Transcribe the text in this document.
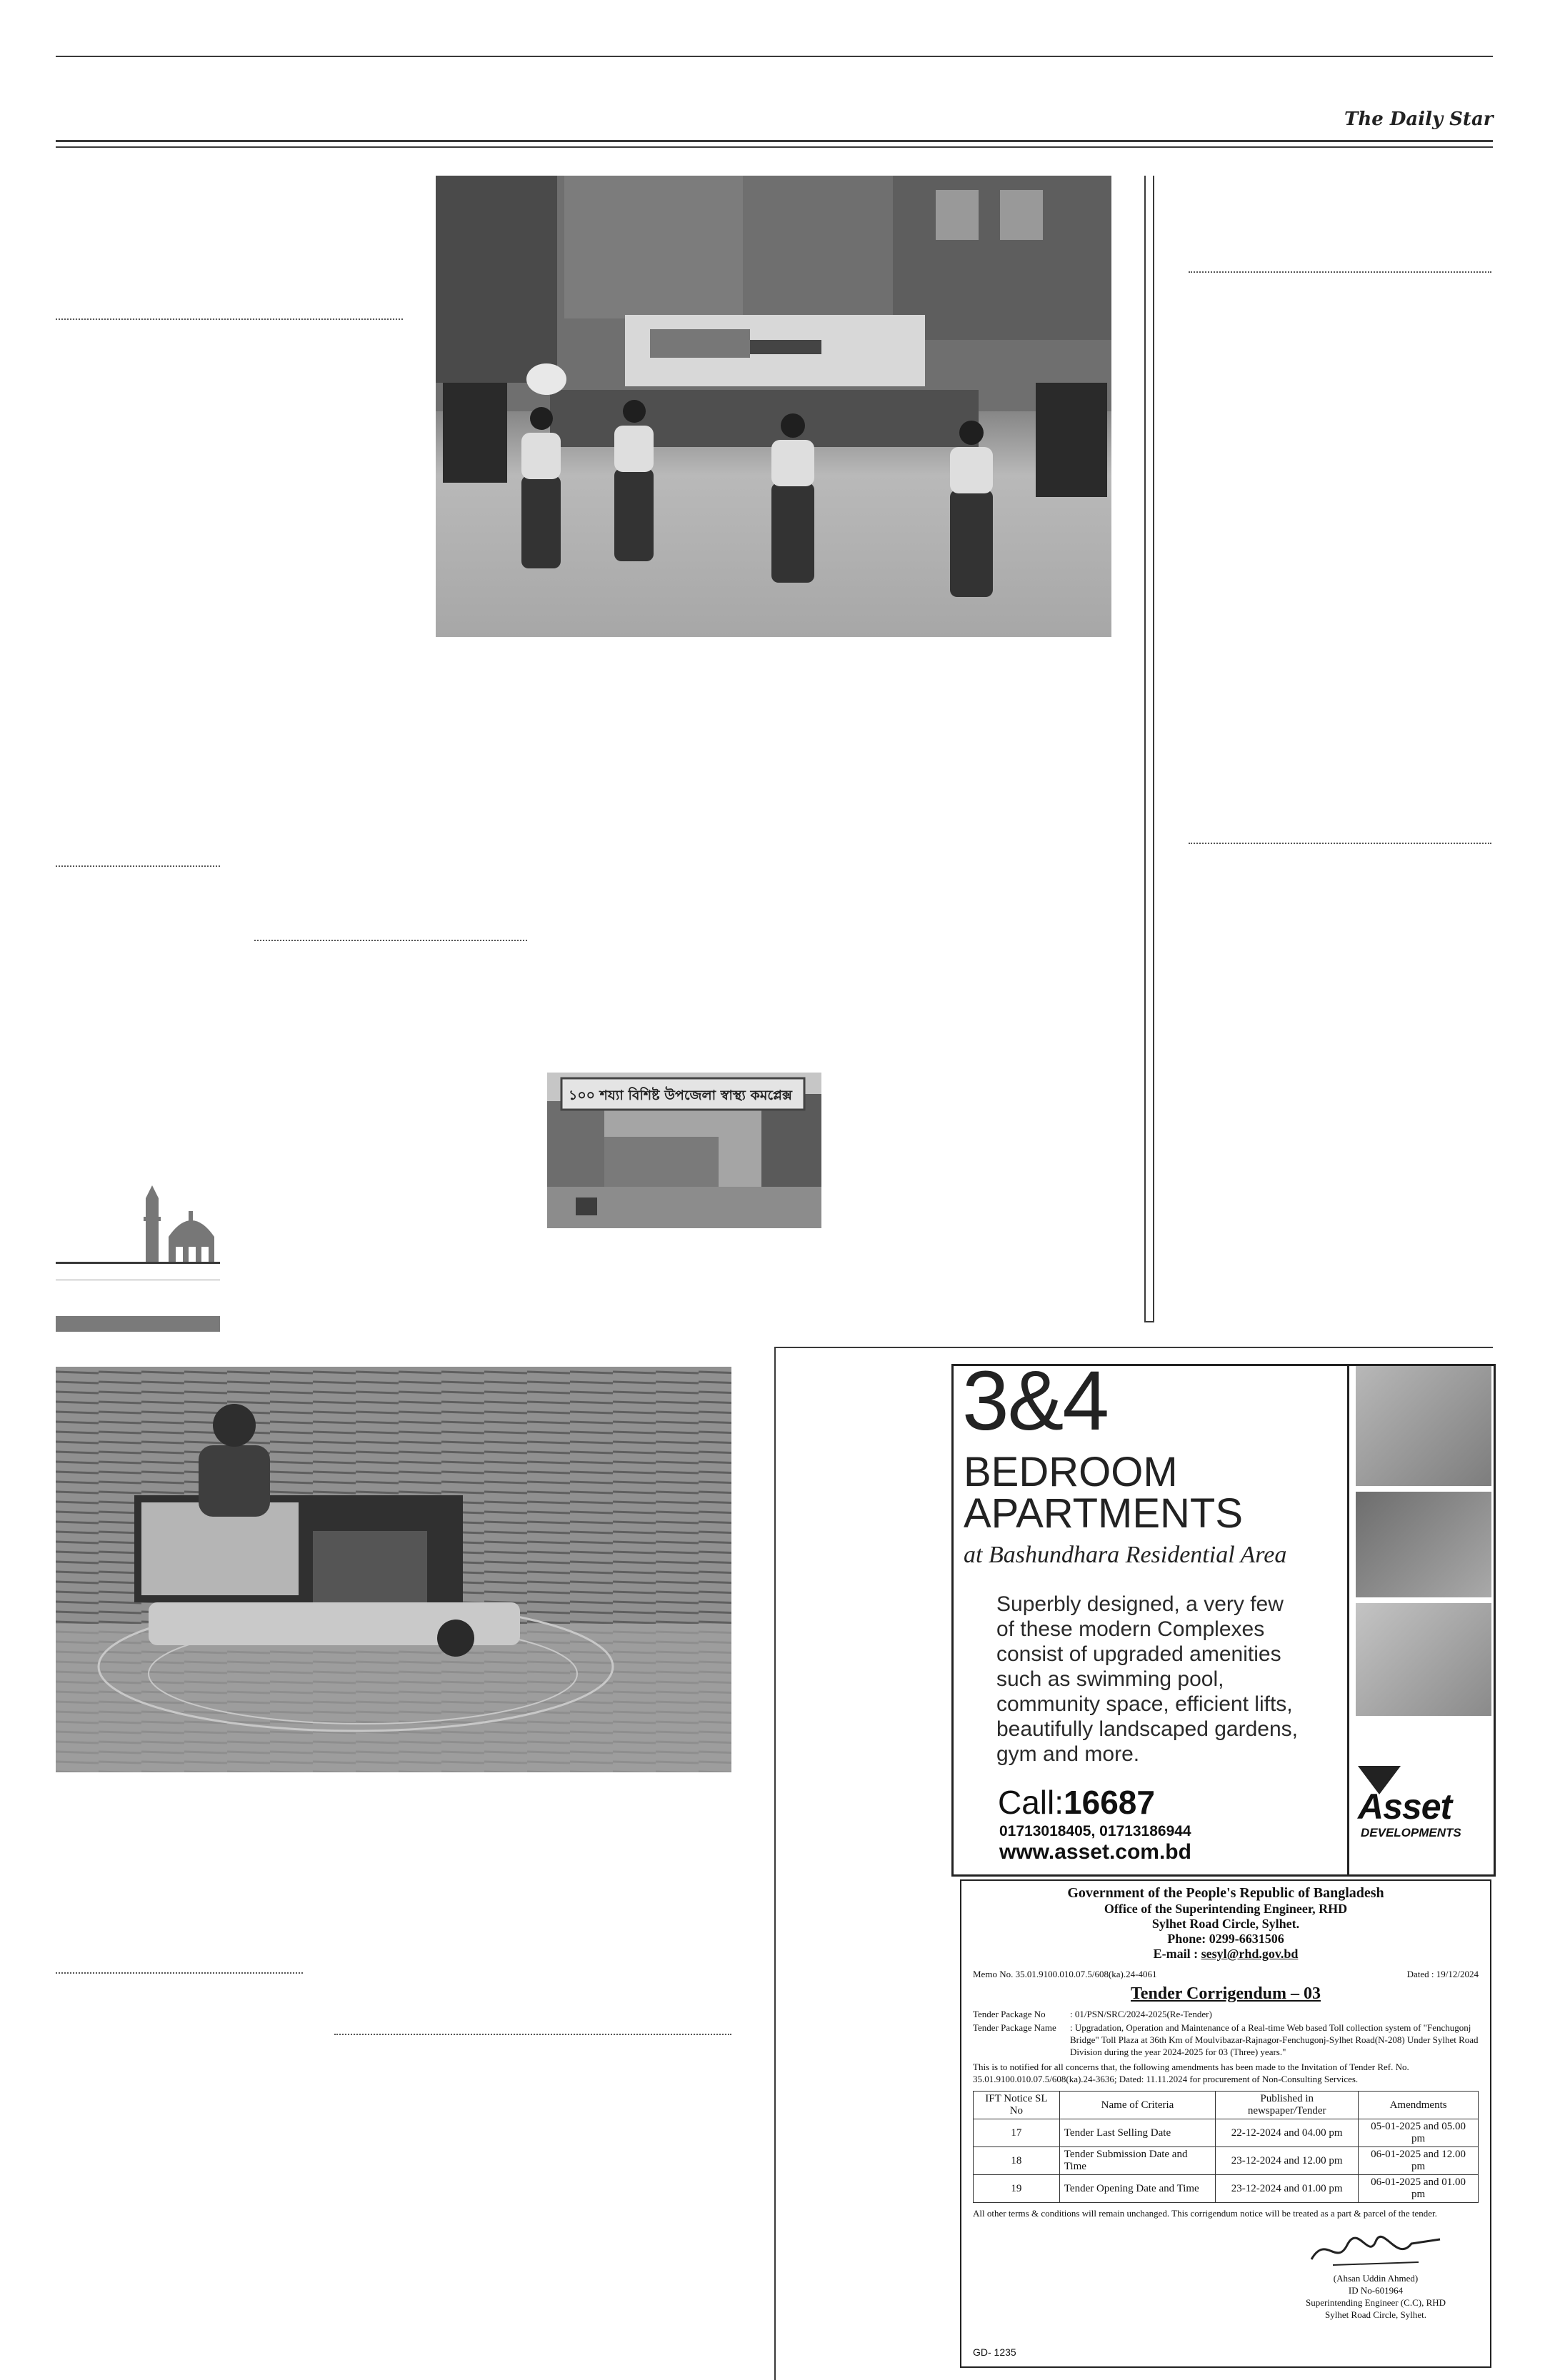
The Daily Star
১০০ শয্যা বিশিষ্ট উপজেলা স্বাস্থ্য কমপ্লেক্স
3&4
BEDROOM
APARTMENTS
at Bashundhara Residential Area
Superbly designed, a very few of these modern Complexes consist of upgraded amenities such as swimming pool, community space, efficient lifts, beautifully landscaped gardens, gym and more.
Call:16687
01713018405, 01713186944
www.asset.com.bd
Asset
DEVELOPMENTS
Government of the People's Republic of Bangladesh
Office of the Superintending Engineer, RHD
Sylhet Road Circle, Sylhet.
Phone: 0299-6631506
E-mail : sesyl@rhd.gov.bd
Memo No. 35.01.9100.010.07.5/608(ka).24-4061	Dated : 19/12/2024
Tender Corrigendum – 03
Tender Package No	: 01/PSN/SRC/2024-2025(Re-Tender)
Tender Package Name	: Upgradation, Operation and Maintenance of a Real-time Web based Toll collection system of "Fenchugonj Bridge" Toll Plaza at 36th Km of Moulvibazar-Rajnagor-Fenchugonj-Sylhet Road(N-208) Under Sylhet Road Division during the year 2024-2025 for 03 (Three) years."
This is to notified for all concerns that, the following amendments has been made to the Invitation of Tender Ref. No. 35.01.9100.010.07.5/608(ka).24-3636; Dated: 11.11.2024 for procurement of Non-Consulting Services.
IFT Notice SL No	Name of Criteria	Published in newspaper/Tender	Amendments
17	Tender Last Selling Date	22-12-2024 and 04.00 pm	05-01-2025 and 05.00 pm
18	Tender Submission Date and Time	23-12-2024 and 12.00 pm	06-01-2025 and 12.00 pm
19	Tender Opening Date and Time	23-12-2024 and 01.00 pm	06-01-2025 and 01.00 pm
All other terms & conditions will remain unchanged. This corrigendum notice will be treated as a part & parcel of the tender.
(Ahsan Uddin Ahmed)
ID No-601964
Superintending Engineer (C.C), RHD
Sylhet Road Circle, Sylhet.
GD- 1235
